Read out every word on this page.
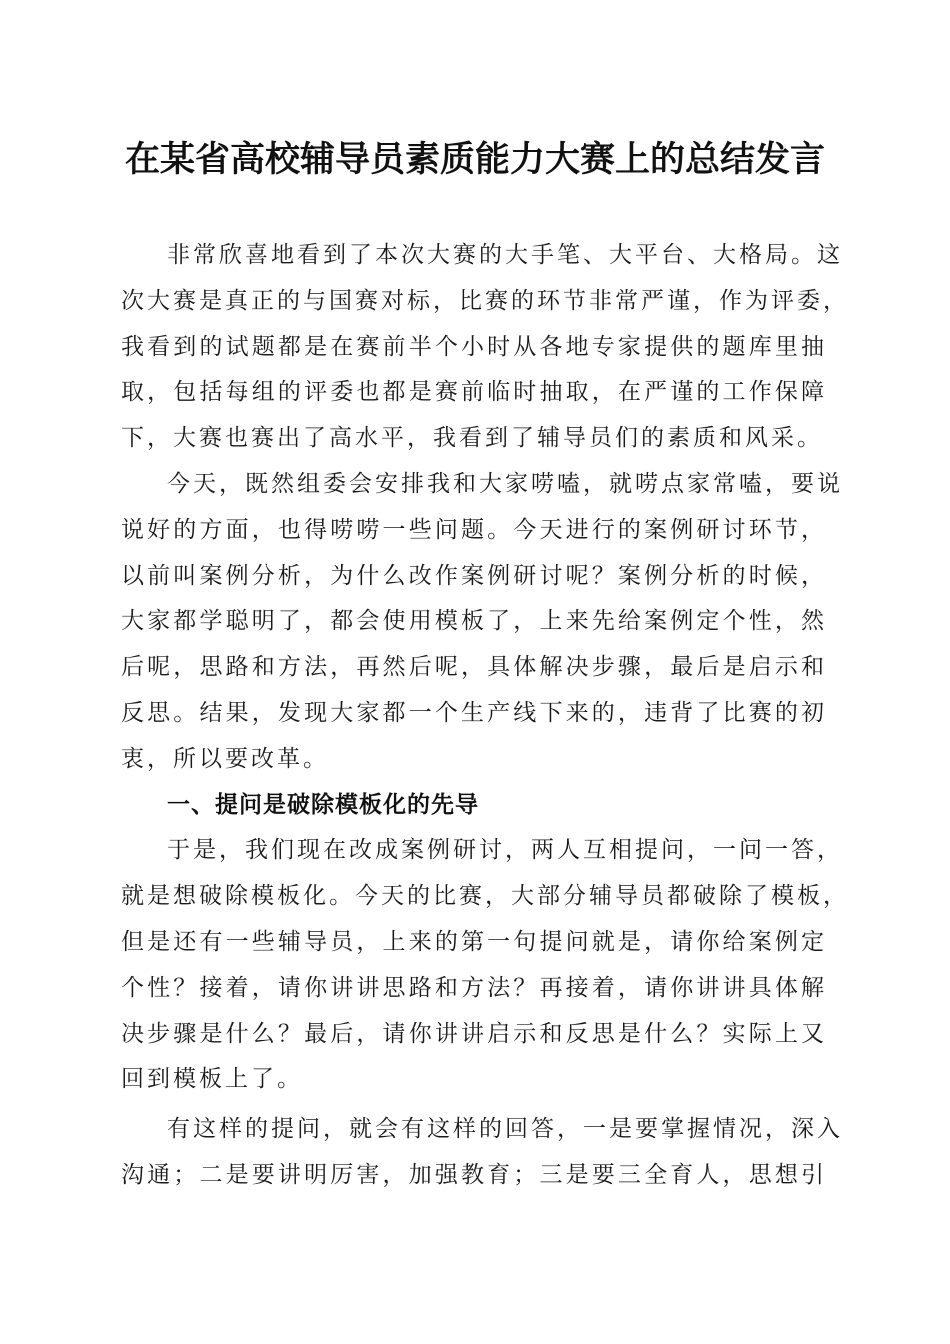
在某省高校辅导员素质能力大赛上的总结发言
非常欣喜地看到了本次大赛的大手笔、大平台、大格局。这
次大赛是真正的与国赛对标，比赛的环节非常严谨，作为评委，
我看到的试题都是在赛前半个小时从各地专家提供的题库里抽
取，包括每组的评委也都是赛前临时抽取，在严谨的工作保障
下，大赛也赛出了高水平，我看到了辅导员们的素质和风采。
今天，既然组委会安排我和大家唠嗑，就唠点家常嗑，要说
说好的方面，也得唠唠一些问题。今天进行的案例研讨环节，
以前叫案例分析，为什么改作案例研讨呢？案例分析的时候，
大家都学聪明了，都会使用模板了，上来先给案例定个性，然
后呢，思路和方法，再然后呢，具体解决步骤，最后是启示和
反思。结果，发现大家都一个生产线下来的，违背了比赛的初
衷，所以要改革。
一、提问是破除模板化的先导
于是，我们现在改成案例研讨，两人互相提问，一问一答，
就是想破除模板化。今天的比赛，大部分辅导员都破除了模板，
但是还有一些辅导员，上来的第一句提问就是，请你给案例定
个性？接着，请你讲讲思路和方法？再接着，请你讲讲具体解
决步骤是什么？最后，请你讲讲启示和反思是什么？实际上又
回到模板上了。
有这样的提问，就会有这样的回答，一是要掌握情况，深入
沟通；二是要讲明厉害，加强教育；三是要三全育人，思想引
